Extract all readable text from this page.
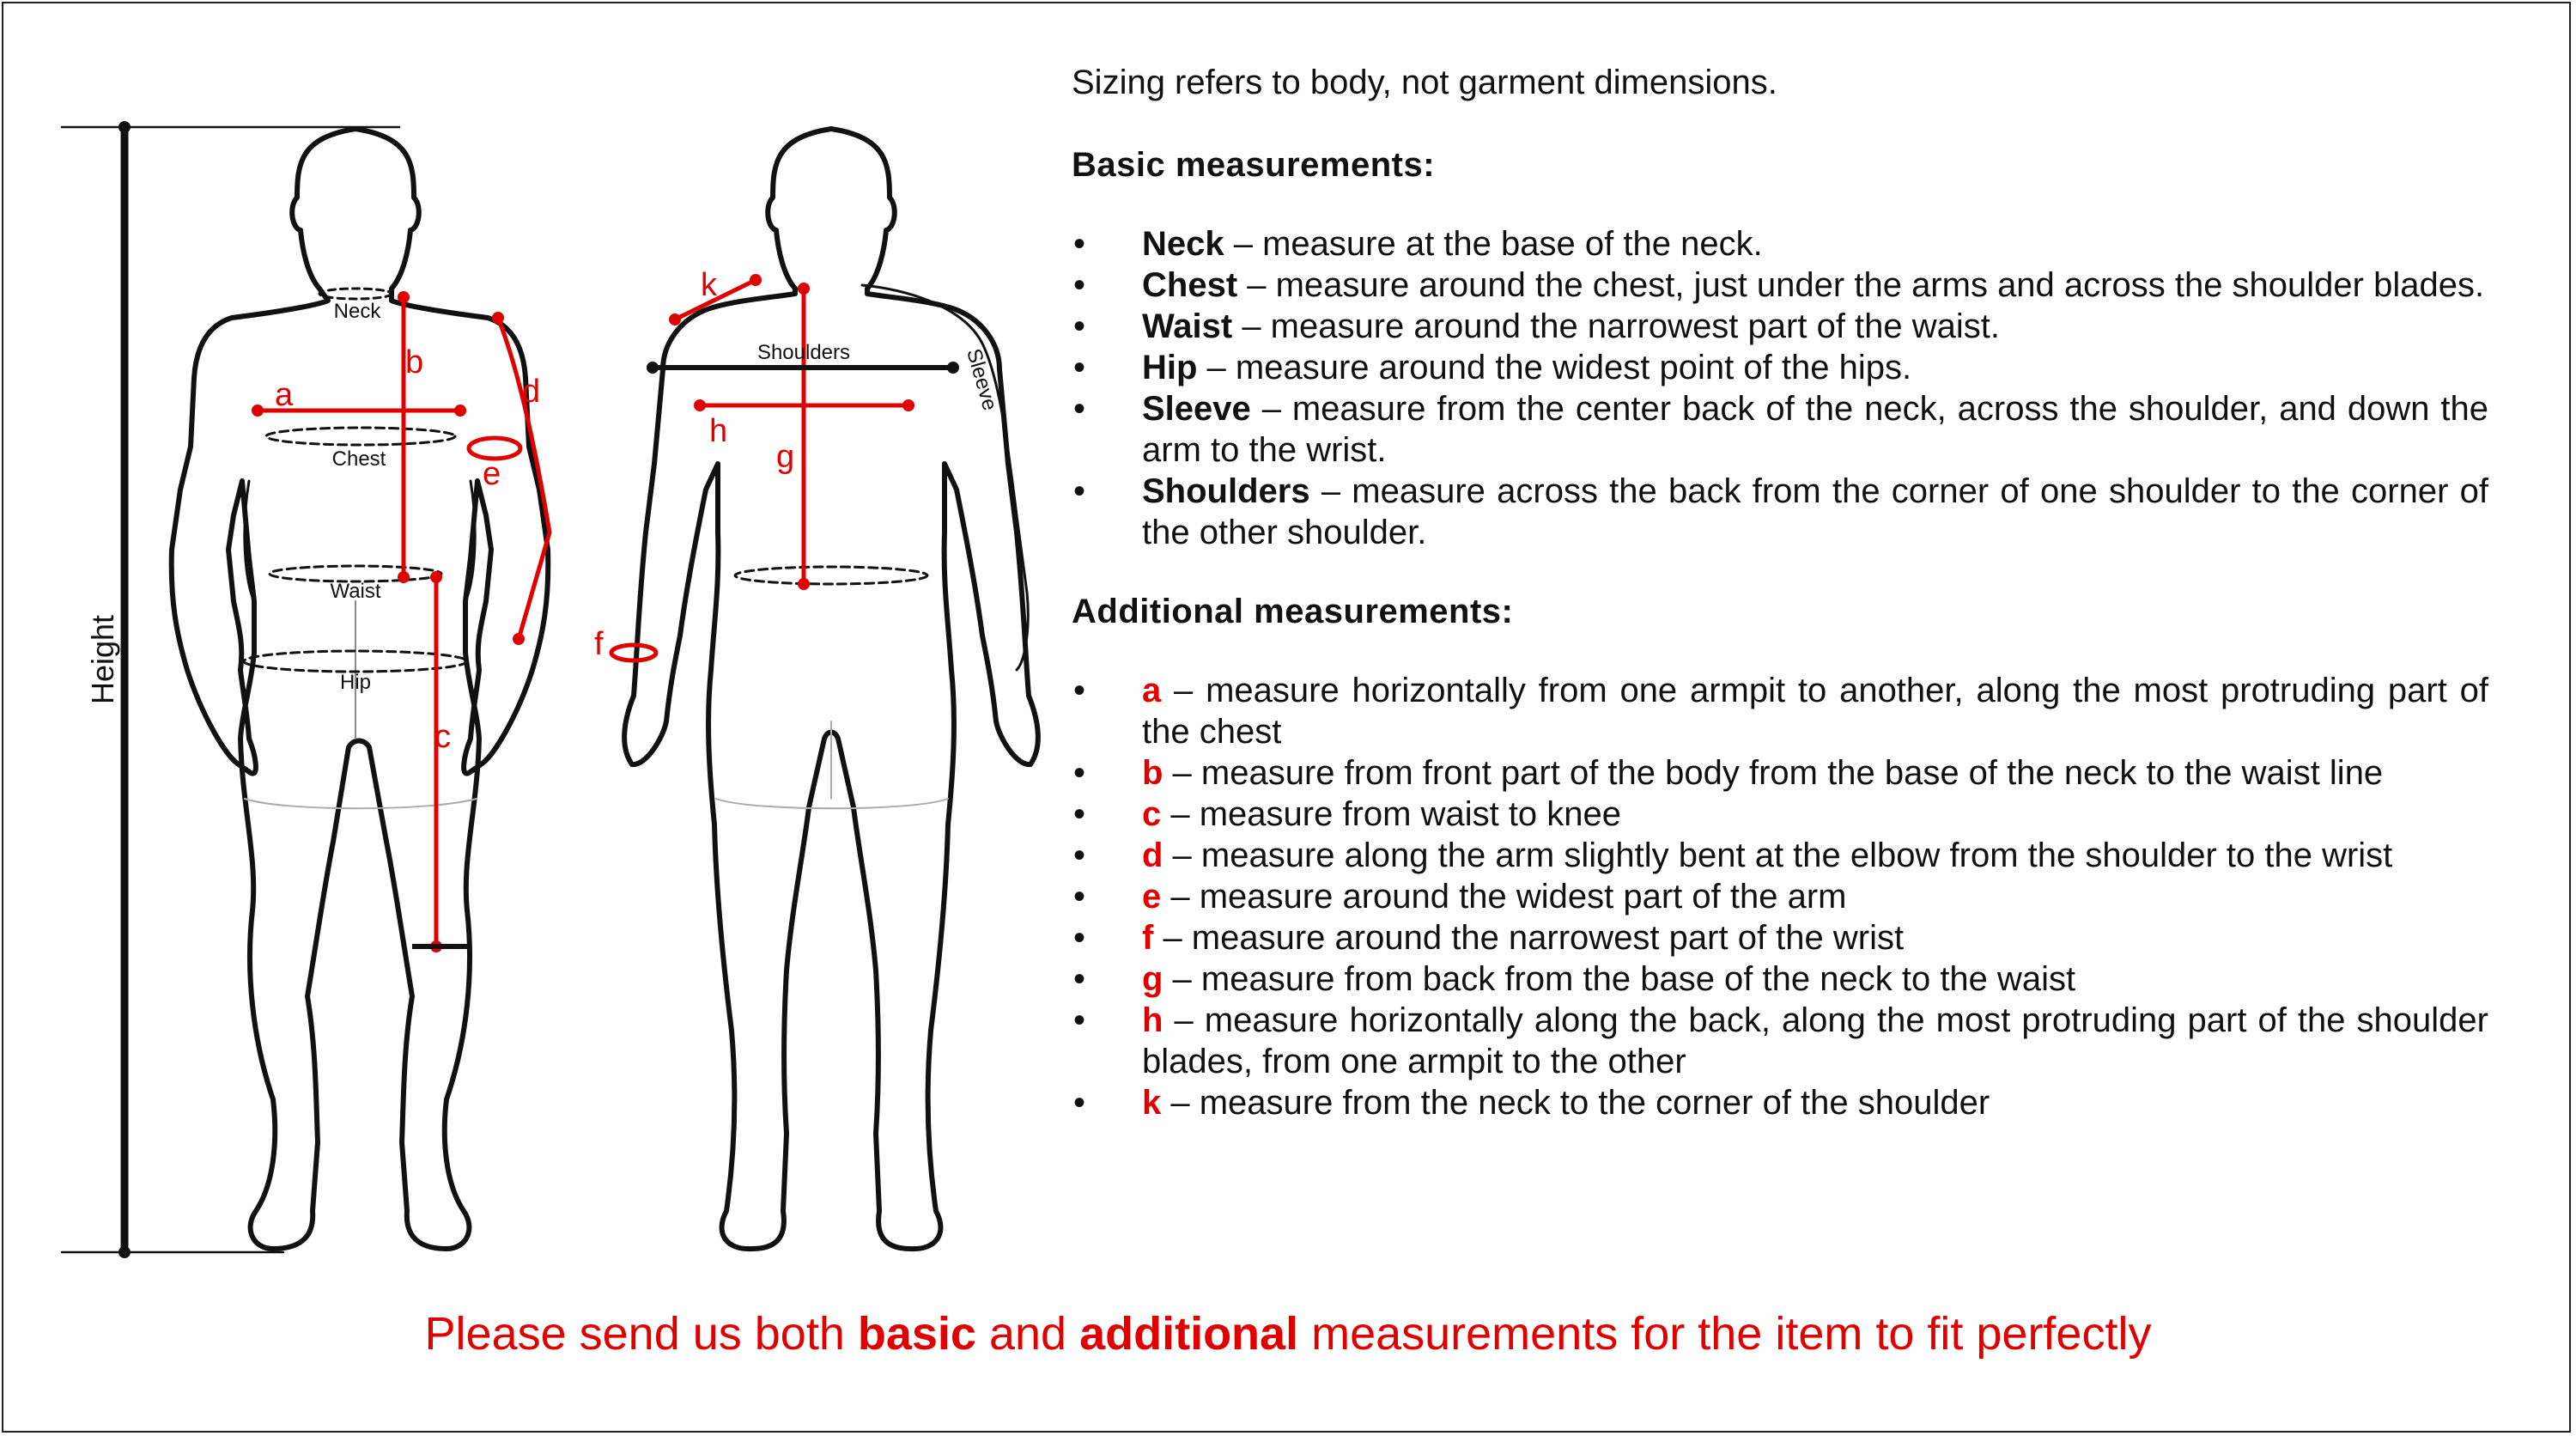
Height
Neck
Chest
Waist
Hip
Shoulders	Sleeve
a
b
c
d
e
f
g
h
k

Sizing refers to body, not garment dimensions.

Basic measurements:

• Neck – measure at the base of the neck.
• Chest – measure around the chest, just under the arms and across the shoulder blades.
• Waist – measure around the narrowest part of the waist.
• Hip – measure around the widest point of the hips.
• Sleeve – measure from the center back of the neck, across the shoulder, and down the arm to the wrist.
• Shoulders – measure across the back from the corner of one shoulder to the corner of the other shoulder.

Additional measurements:

• a – measure horizontally from one armpit to another, along the most protruding part of the chest
• b – measure from front part of the body from the base of the neck to the waist line
• c – measure from waist to knee
• d – measure along the arm slightly bent at the elbow from the shoulder to the wrist
• e – measure around the widest part of the arm
• f – measure around the narrowest part of the wrist
• g – measure from back from the base of the neck to the waist
• h – measure horizontally along the back, along the most protruding part of the shoulder blades, from one armpit to the other
• k – measure from the neck to the corner of the shoulder
Please send us both basic and additional measurements for the item to fit perfectly
